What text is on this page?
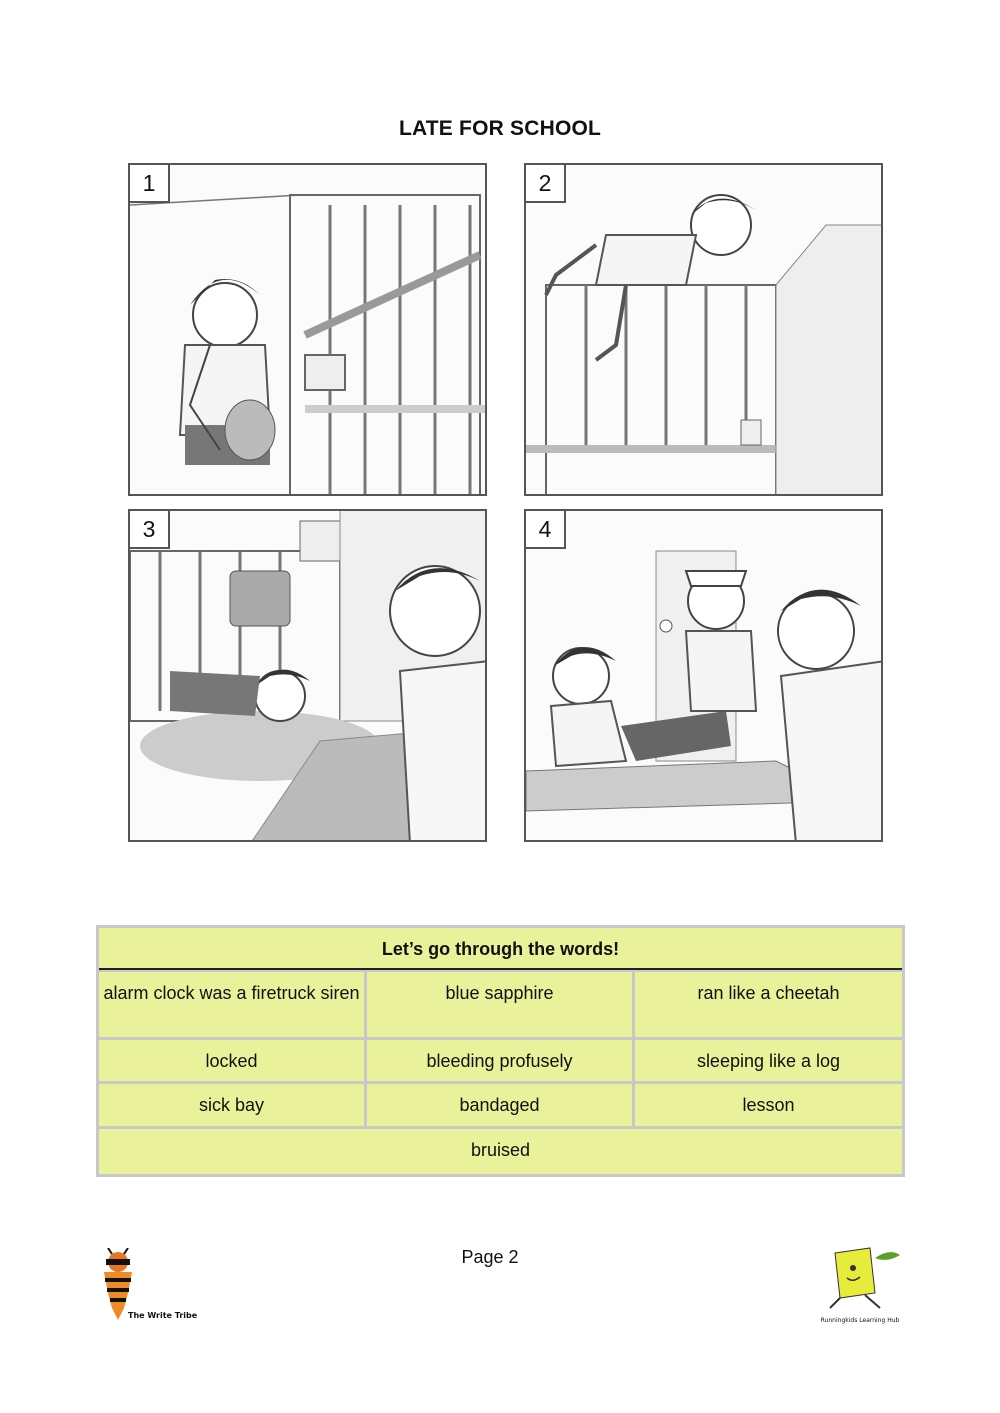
LATE FOR SCHOOL
1	2
3	4
Let’s go through the words!
alarm clock was a firetruck siren	blue sapphire	ran like a cheetah
locked	bleeding profusely	sleeping like a log
sick bay	bandaged	lesson
bruised
Page 2
The Write Tribe
Runningkids Learning Hub
